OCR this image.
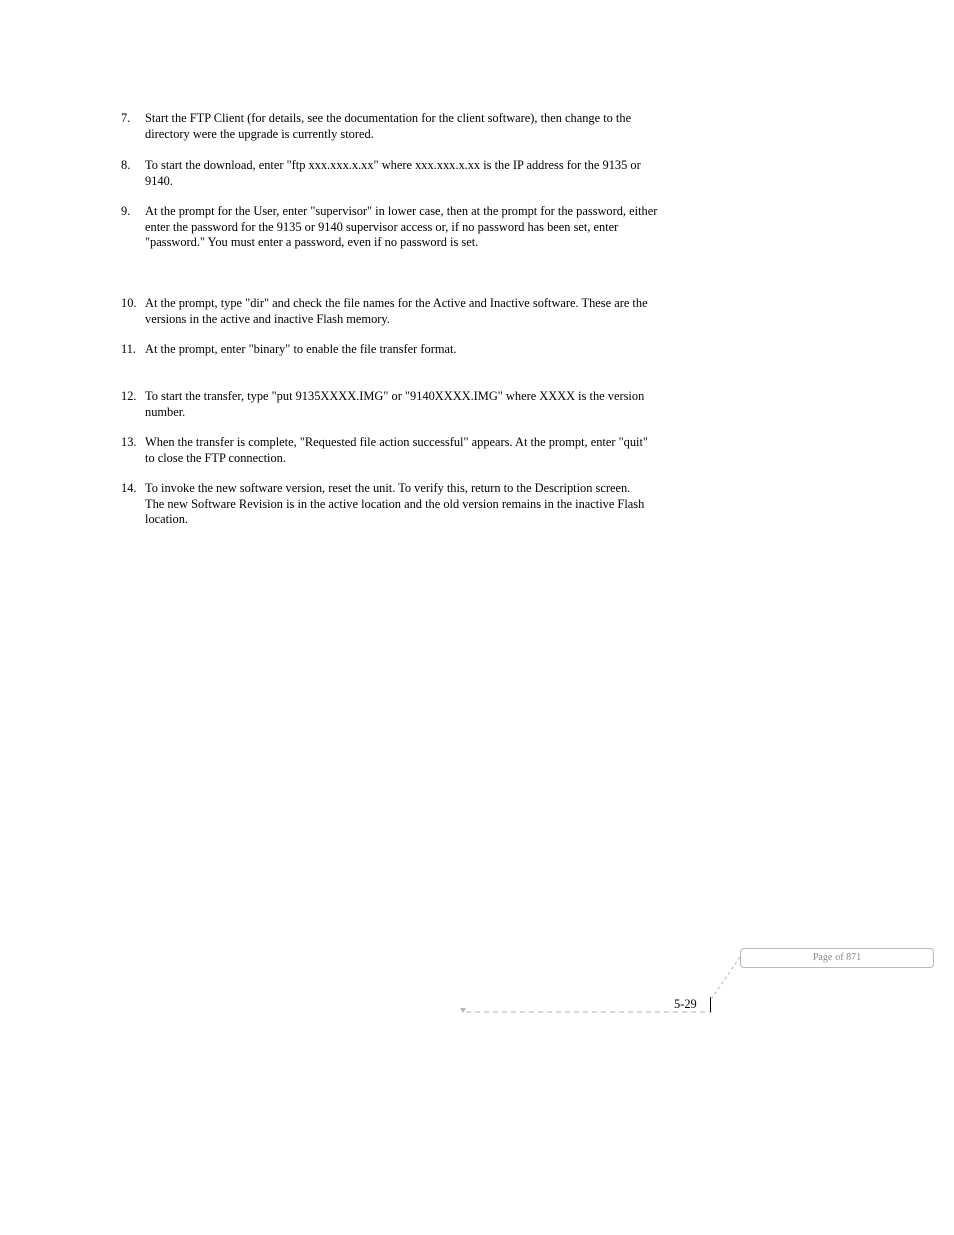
7.	Start the FTP Client (for details, see the documentation for the client software), then change to the
directory were the upgrade is currently stored.
8.	To start the download, enter "ftp xxx.xxx.x.xx" where xxx.xxx.x.xx is the IP address for the 9135 or
9140.
9.	At the prompt for the User, enter "supervisor" in lower case, then at the prompt for the password, either
enter the password for the 9135 or 9140 supervisor access or, if no password has been set, enter
"password." You must enter a password, even if no password is set.
10. At the prompt, type "dir" and check the file names for the Active and Inactive software. These are the
versions in the active and inactive Flash memory.
11. At the prompt, enter "binary" to enable the file transfer format.
12. To start the transfer, type "put 9135XXXX.IMG" or "9140XXXX.IMG" where XXXX is the version
number.
13. When the transfer is complete, "Requested file action successful" appears. At the prompt, enter "quit"
to close the FTP connection.
14. To invoke the new software version, reset the unit. To verify this, return to the Description screen.
The new Software Revision is in the active location and the old version remains in the inactive Flash
location.
Page of 871
5-29
